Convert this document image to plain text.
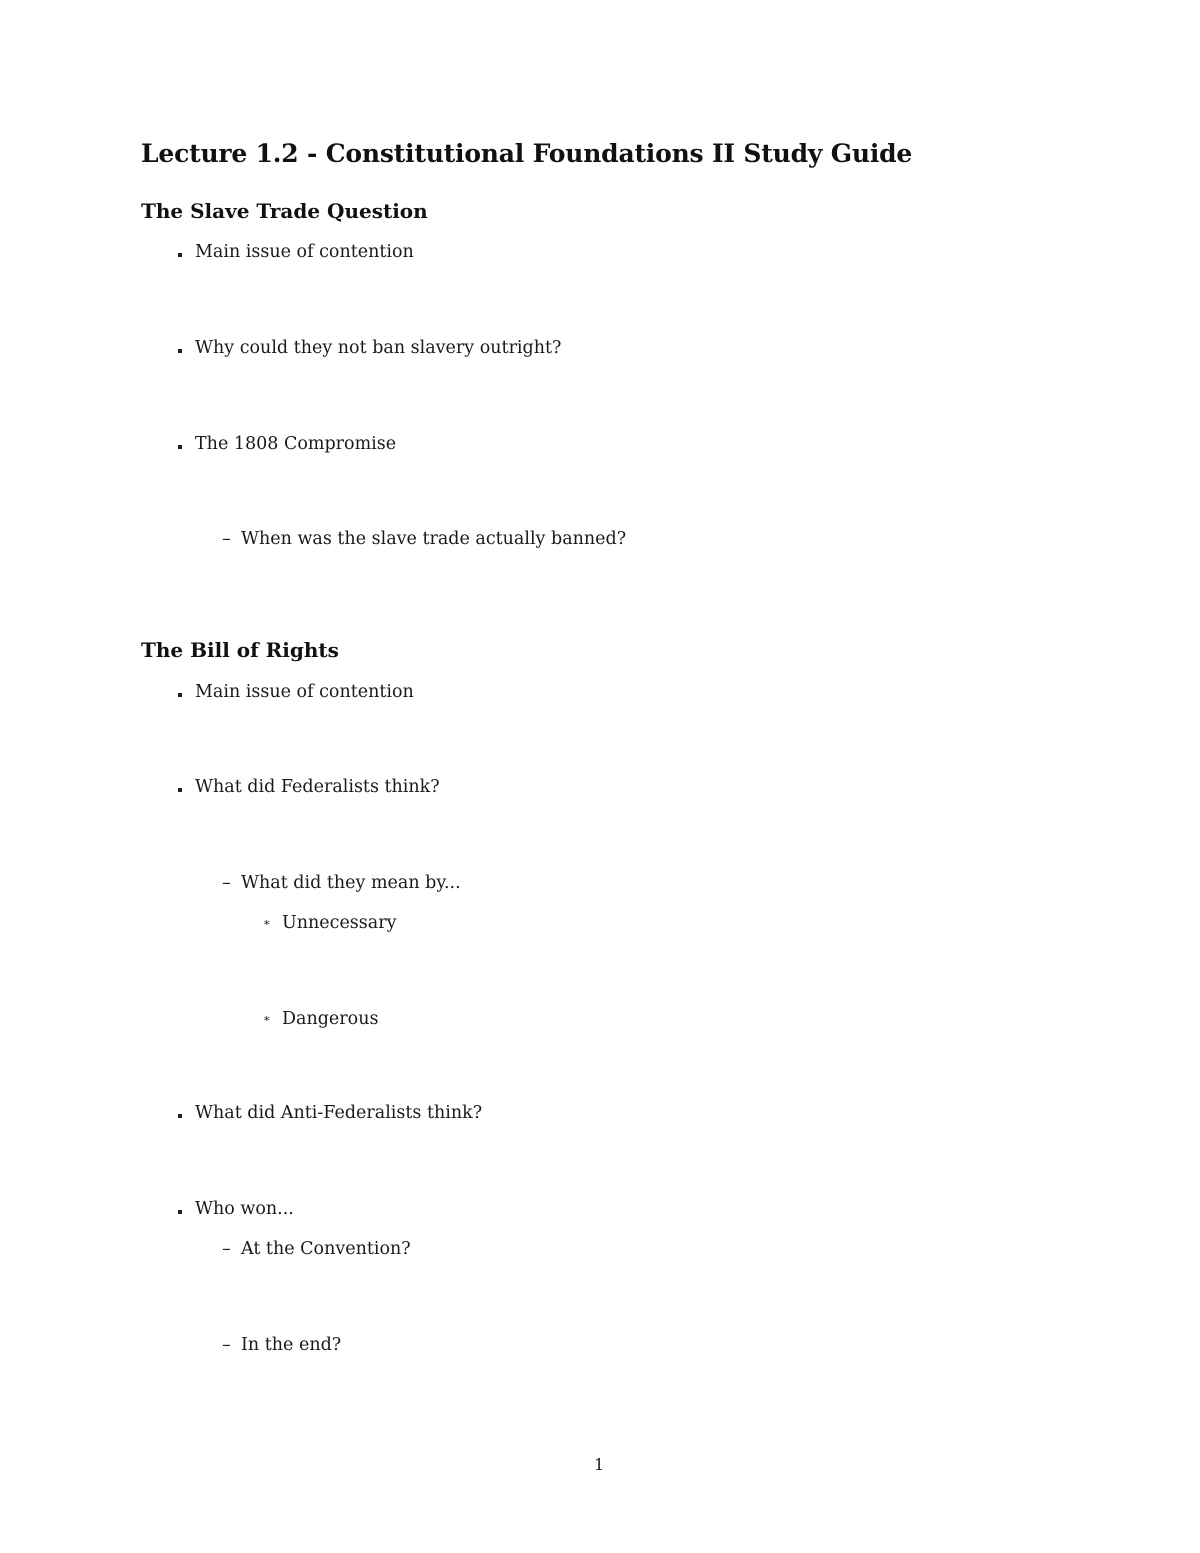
Lecture 1.2 - Constitutional Foundations II Study Guide
The Slave Trade Question
Main issue of contention
Why could they not ban slavery outright?
The 1808 Compromise
– When was the slave trade actually banned?
The Bill of Rights
Main issue of contention
What did Federalists think?
– What did they mean by...
∗ Unnecessary
∗ Dangerous
What did Anti-Federalists think?
Who won...
– At the Convention?
– In the end?
1
